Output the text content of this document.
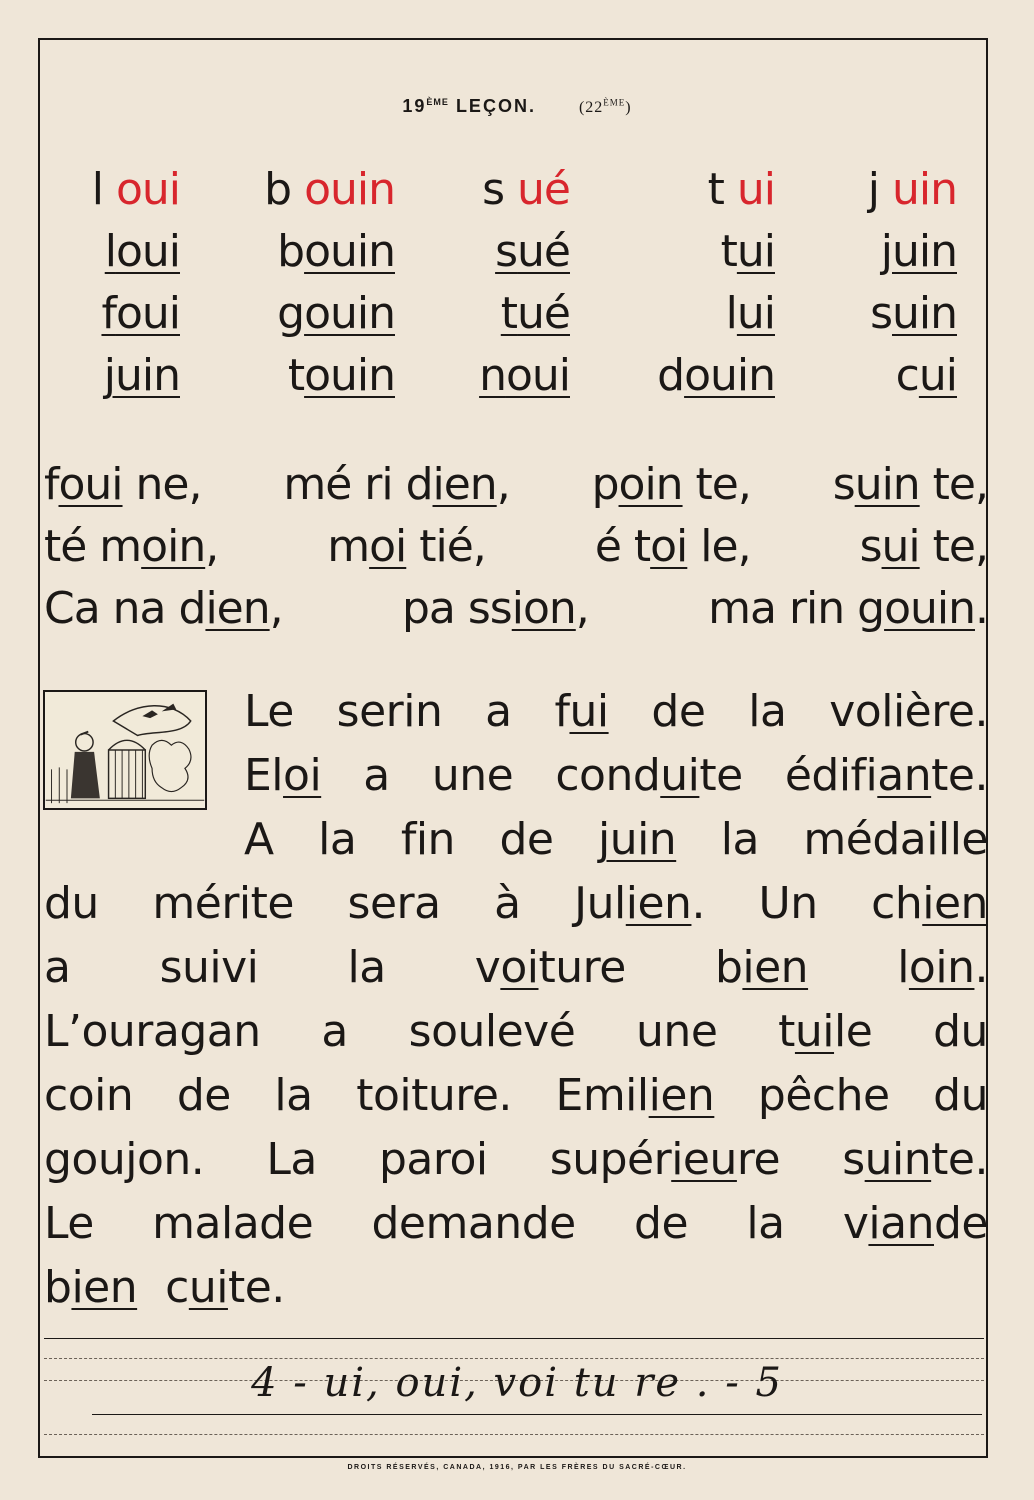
19ÈME LEÇON.	(22ÈME)
l oui	b ouin	s ué	t ui	j uin
loui	bouin	sué	tui	juin
foui	gouin	tué	lui	suin
juin	touin	noui	douin	cui
foui ne, mé ri dien, poin te, suin te,
té moin, moi tié, é toi le, sui te,
Ca na dien,	pa ssion,	ma rin gouin.
Le serin a fui de la volière.
Eloi a une conduite édifiante.
A la fin de juin la médaille
du mérite sera à Julien. Un chien
a suivi la voiture bien loin.
L’ouragan a soulevé une tuile du
coin de la toiture. Emilien pêche du
goujon. La paroi supérieure suinte.
Le malade demande de la viande
bien cuite.
4 - ui, oui, voi tu re . - 5
DROITS RÉSERVÉS, CANADA, 1916, PAR LES FRÈRES DU SACRÉ-CŒUR.
